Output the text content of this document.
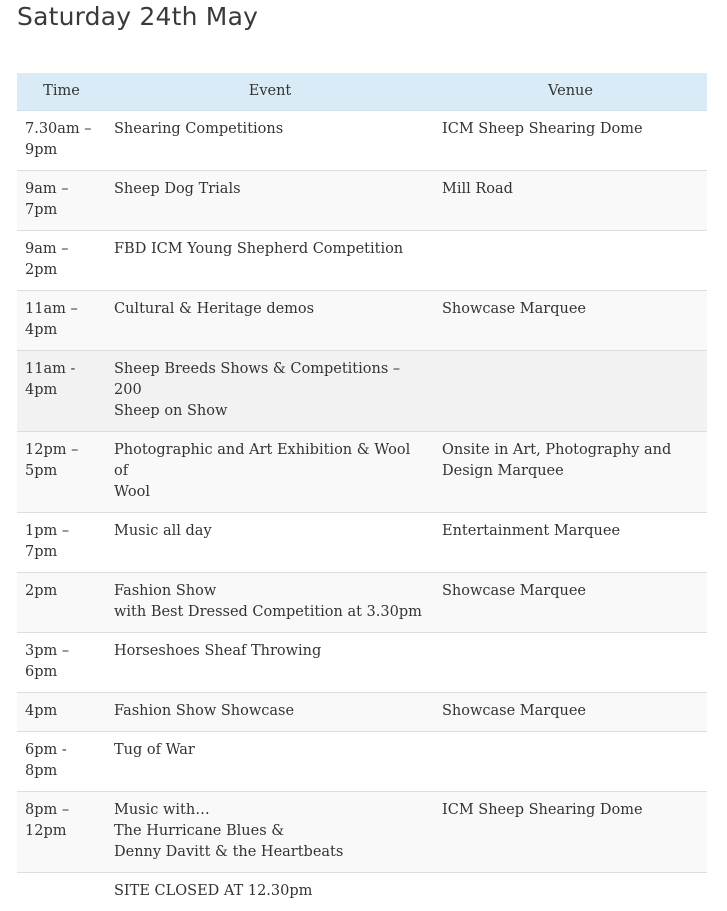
Saturday 24th May
Time	Event	Venue

7.30am –
9pm	Shearing Competitions	ICM Sheep Shearing Dome

9am –
7pm	Sheep Dog Trials	Mill Road

9am –
2pm	FBD ICM Young Shepherd Competition	

11am –
4pm	Cultural & Heritage demos	Showcase Marquee

11am -
4pm	Sheep Breeds Shows & Competitions – 200
Sheep on Show	

12pm –
5pm	Photographic and Art Exhibition & Wool of
Wool	Onsite in Art, Photography and
Design Marquee

1pm –
7pm	Music all day	Entertainment Marquee

2pm	Fashion Show
with Best Dressed Competition at 3.30pm	Showcase Marquee

3pm –
6pm	Horseshoes Sheaf Throwing	

4pm	Fashion Show Showcase	Showcase Marquee

6pm -
8pm	Tug of War	

8pm –
12pm	Music with…
The Hurricane Blues &
Denny Davitt & the Heartbeats	ICM Sheep Shearing Dome

	SITE CLOSED AT 12.30pm	
